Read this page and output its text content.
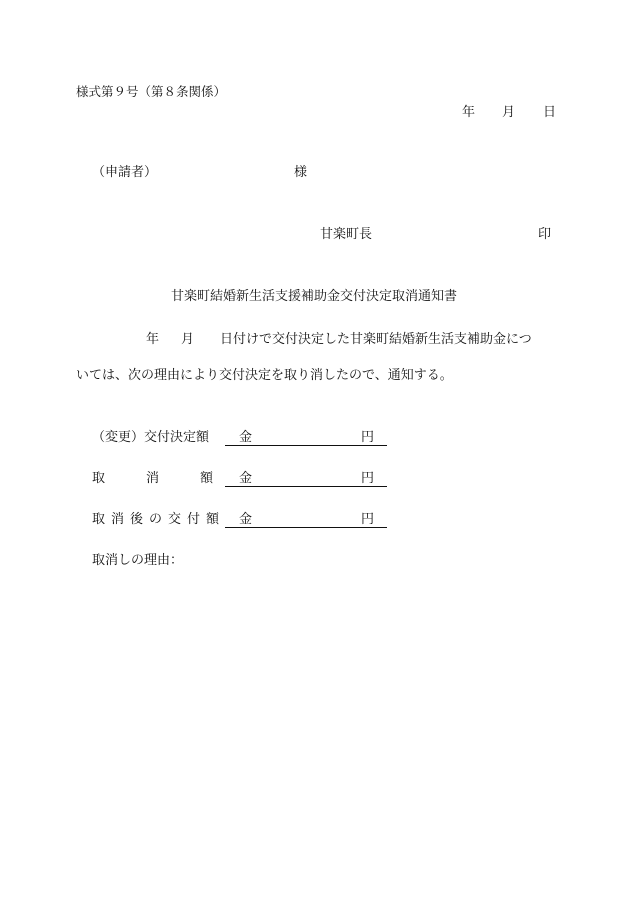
様式第９号（第８条関係）
年 月 日
（申請者）	様
甘楽町長	印
甘楽町結婚新生活支援補助金交付決定取消通知書
年 月 日付けで交付決定した甘楽町結婚新生活支補助金につ
いては、次の理由により交付決定を取り消したので、通知する。
（変更）交付決定額 金	円
取	消	額 金	円
取消後の交付額 金	円
取消しの理由：
